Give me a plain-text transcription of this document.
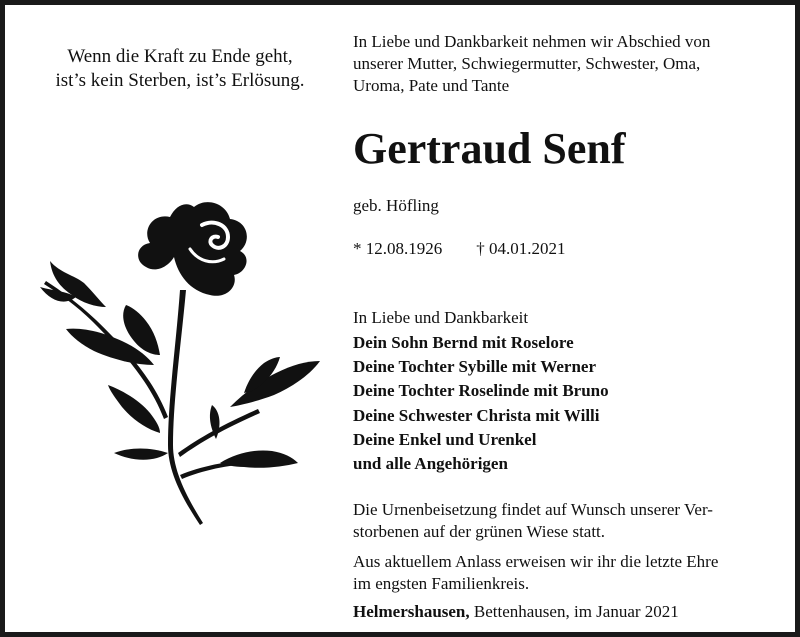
Wenn die Kraft zu Ende geht,
ist’s kein Sterben, ist’s Erlösung.
In Liebe und Dankbarkeit nehmen wir Abschied von
unserer Mutter, Schwiegermutter, Schwester, Oma,
Uroma, Pate und Tante
Gertraud Senf
geb. Höfling
* 12.08.1926 † 04.01.2021
In Liebe und Dankbarkeit
Dein Sohn Bernd mit Roselore
Deine Tochter Sybille mit Werner
Deine Tochter Roselinde mit Bruno
Deine Schwester Christa mit Willi
Deine Enkel und Urenkel
und alle Angehörigen
Die Urnenbeisetzung findet auf Wunsch unserer Ver-
storbenen auf der grünen Wiese statt.
Aus aktuellem Anlass erweisen wir ihr die letzte Ehre
im engsten Familienkreis.
Helmershausen, Bettenhausen, im Januar 2021
